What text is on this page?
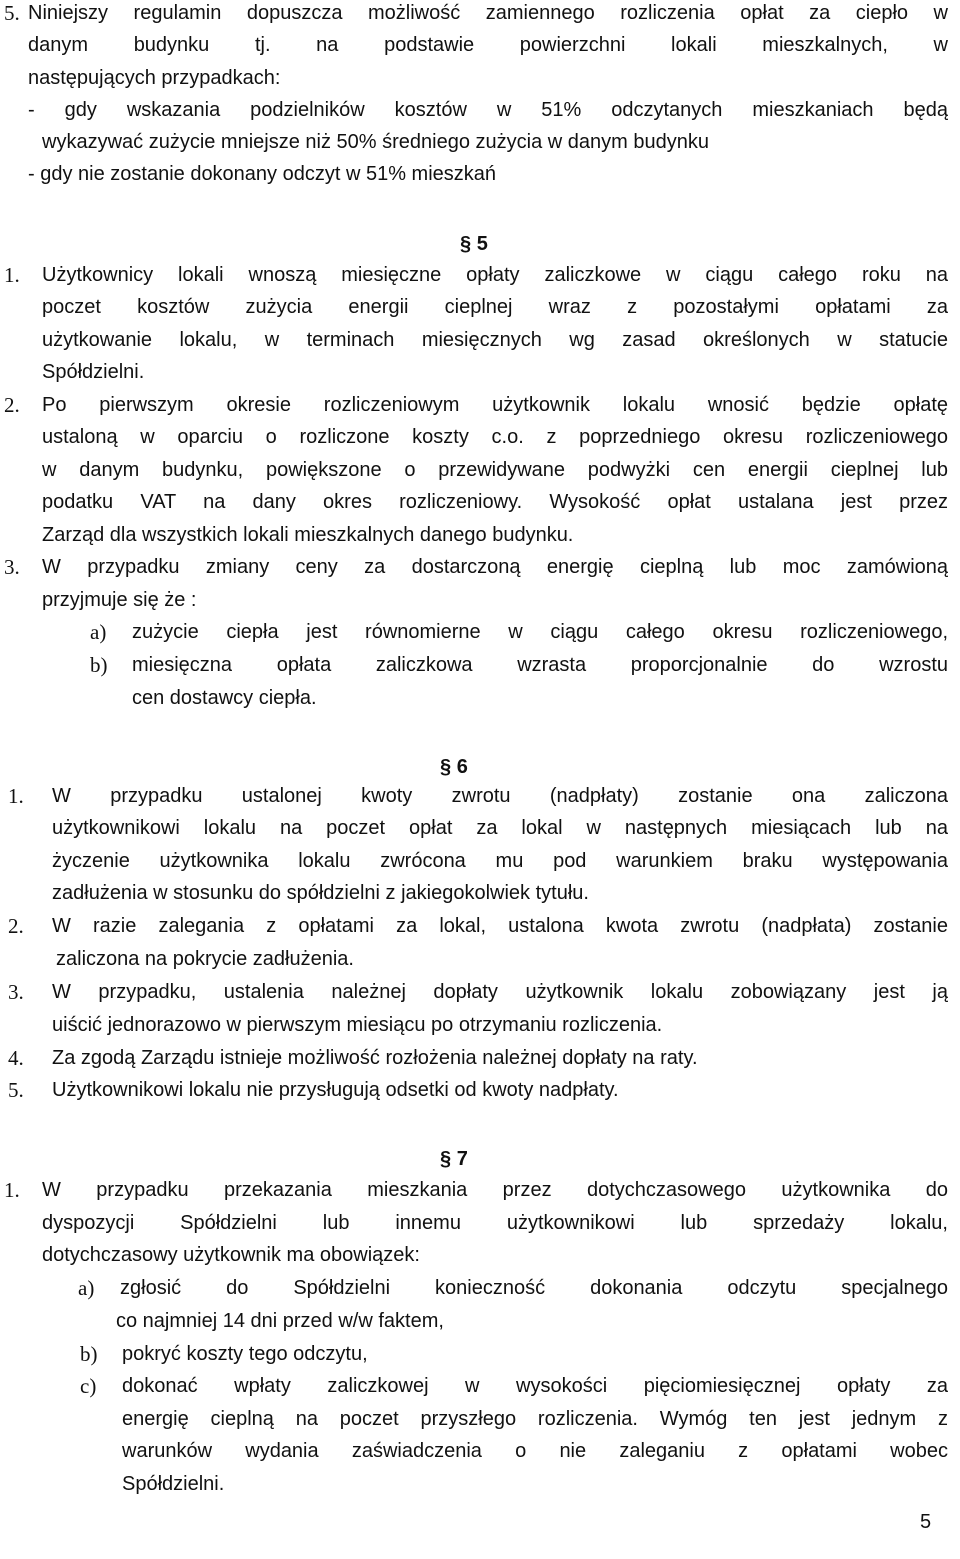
5. Niniejszy regulamin dopuszcza możliwość zamiennego rozliczenia opłat za ciepło w
danym budynku tj. na podstawie powierzchni lokali mieszkalnych, w
następujących przypadkach:
- gdy wskazania podzielników kosztów w 51% odczytanych mieszkaniach będą
wykazywać zużycie mniejsze niż 50% średniego zużycia w danym budynku
- gdy nie zostanie dokonany odczyt w 51% mieszkań
§ 5
1. Użytkownicy lokali wnoszą miesięczne opłaty zaliczkowe w ciągu całego roku na
poczet kosztów zużycia energii cieplnej wraz z pozostałymi opłatami za
użytkowanie lokalu, w terminach miesięcznych wg zasad określonych w statucie
Spółdzielni.
2. Po pierwszym okresie rozliczeniowym użytkownik lokalu wnosić będzie opłatę
ustaloną w oparciu o rozliczone koszty c.o. z poprzedniego okresu rozliczeniowego
w danym budynku, powiększone o przewidywane podwyżki cen energii cieplnej lub
podatku VAT na dany okres rozliczeniowy. Wysokość opłat ustalana jest przez
Zarząd dla wszystkich lokali mieszkalnych danego budynku.
3. W przypadku zmiany ceny za dostarczoną energię cieplną lub moc zamówioną
przyjmuje się że :
a) zużycie ciepła jest równomierne w ciągu całego okresu rozliczeniowego,
b) miesięczna opłata zaliczkowa wzrasta proporcjonalnie do wzrostu
cen dostawcy ciepła.
§ 6
1. W przypadku ustalonej kwoty zwrotu (nadpłaty) zostanie ona zaliczona
użytkownikowi lokalu na poczet opłat za lokal w następnych miesiącach lub na
życzenie użytkownika lokalu zwrócona mu pod warunkiem braku występowania
zadłużenia w stosunku do spółdzielni z jakiegokolwiek tytułu.
2. W razie zalegania z opłatami za lokal, ustalona kwota zwrotu (nadpłata) zostanie
zaliczona na pokrycie zadłużenia.
3. W przypadku, ustalenia należnej dopłaty użytkownik lokalu zobowiązany jest ją
uiścić jednorazowo w pierwszym miesiącu po otrzymaniu rozliczenia.
4. Za zgodą Zarządu istnieje możliwość rozłożenia należnej dopłaty na raty.
5. Użytkownikowi lokalu nie przysługują odsetki od kwoty nadpłaty.
§ 7
1. W przypadku przekazania mieszkania przez dotychczasowego użytkownika do
dyspozycji Spółdzielni lub innemu użytkownikowi lub sprzedaży lokalu,
dotychczasowy użytkownik ma obowiązek:
a) zgłosić do Spółdzielni konieczność dokonania odczytu specjalnego
co najmniej 14 dni przed w/w faktem,
b) pokryć koszty tego odczytu,
c) dokonać wpłaty zaliczkowej w wysokości pięciomiesięcznej opłaty za
energię cieplną na poczet przyszłego rozliczenia. Wymóg ten jest jednym z
warunków wydania zaświadczenia o nie zaleganiu z opłatami wobec
Spółdzielni.
5
